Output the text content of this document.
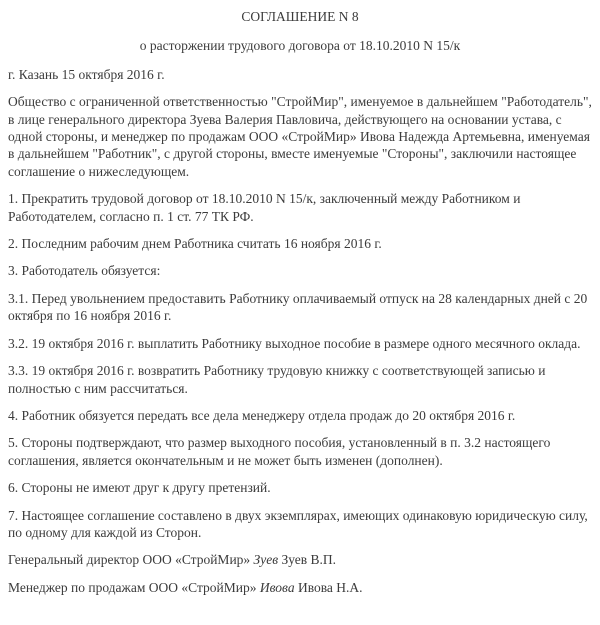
СОГЛАШЕНИЕ N 8
о расторжении трудового договора от 18.10.2010 N 15/к

г. Казань 15 октября 2016 г.

Общество с ограниченной ответственностью "СтройМир", именуемое в дальнейшем "Работодатель", в лице генерального директора Зуева Валерия Павловича, действующего на основании устава, с одной стороны, и менеджер по продажам ООО «СтройМир» Ивова Надежда Артемьевна, именуемая в дальнейшем "Работник", с другой стороны, вместе именуемые "Стороны", заключили настоящее соглашение о нижеследующем.

1. Прекратить трудовой договор от 18.10.2010 N 15/к, заключенный между Работником и Работодателем, согласно п. 1 ст. 77 ТК РФ.

2. Последним рабочим днем Работника считать 16 ноября 2016 г.

3. Работодатель обязуется:

3.1. Перед увольнением предоставить Работнику оплачиваемый отпуск на 28 календарных дней с 20 октября по 16 ноября 2016 г.

3.2. 19 октября 2016 г. выплатить Работнику выходное пособие в размере одного месячного оклада.

3.3. 19 октября 2016 г. возвратить Работнику трудовую книжку с соответствующей записью и полностью с ним рассчитаться.

4. Работник обязуется передать все дела менеджеру отдела продаж до 20 октября 2016 г.

5. Стороны подтверждают, что размер выходного пособия, установленный в п. 3.2 настоящего соглашения, является окончательным и не может быть изменен (дополнен).

6. Стороны не имеют друг к другу претензий.

7. Настоящее соглашение составлено в двух экземплярах, имеющих одинаковую юридическую силу, по одному для каждой из Сторон.

Генеральный директор ООО «СтройМир» Зуев Зуев В.П.

Менеджер по продажам ООО «СтройМир» Ивова Ивова Н.А.
